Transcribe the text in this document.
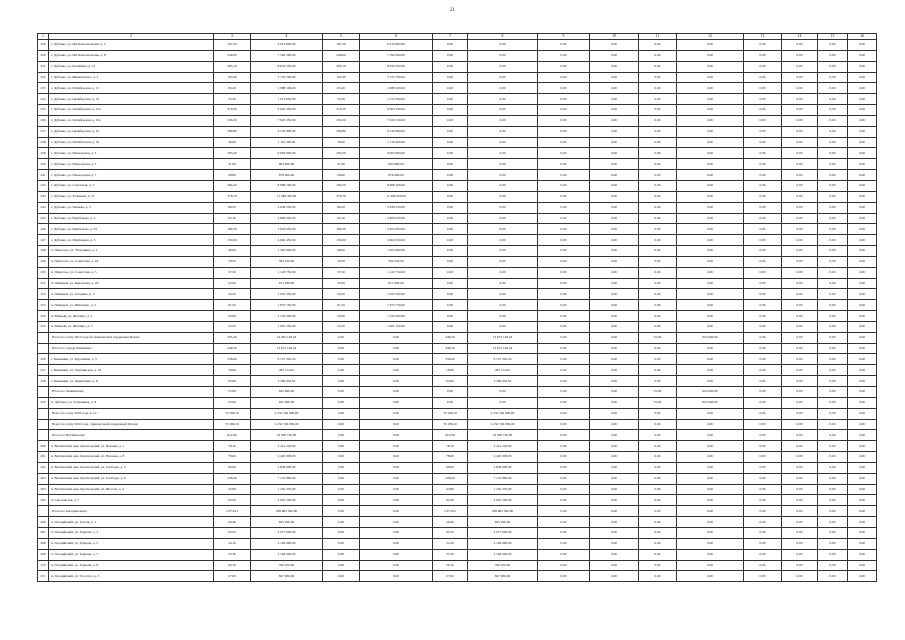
21
1	2	3	4	5	6	7	8	9	10	11	12	13	14	15	16
229	г. Дубовка, ул. Им Комсомольцев, д. 5	197,20	6 014 600,00	197,20	6 014 600,00	0,00	0,00	0,00	0,00	0,00	0,00	0,00	0,00	0,00	0,00
230	г. Дубовка, ул. Им Комсомольцев, д. 8	249,00	7 594 500,00	249,00	7 594 500,00	0,00	0,00	0,00	0,00	0,00	0,00	0,00	0,00	0,00	0,00
231	г. Дубовка, ул. Калинина, д. 15	283,10	8 634 550,00	283,10	8 634 550,00	0,00	0,00	0,00	0,00	0,00	0,00	0,00	0,00	0,00	0,00
232	г. Дубовка, ул. Минковского, д. 2	103,40	3 153 700,00	103,40	3 153 700,00	0,00	0,00	0,00	0,00	0,00	0,00	0,00	0,00	0,00	0,00
233	г. Дубовка, ул. Октябрьская, д. 11	65,20	1 988 100,00	65,20	1 988 100,00	0,00	0,00	0,00	0,00	0,00	0,00	0,00	0,00	0,00	0,00
234	г. Дубовка, ул. Октябрьская, д. 19	33,30	1 015 650,00	33,30	1 015 650,00	0,00	0,00	0,00	0,00	0,00	0,00	0,00	0,00	0,00	0,00
235	г. Дубовка, ул. Октябрьская, д. 21а	216,50	6 603 250,00	216,50	6 603 250,00	0,00	0,00	0,00	0,00	0,00	0,00	0,00	0,00	0,00	0,00
236	г. Дубовка, ул. Октябрьская, д. 23а	230,20	7 020 250,00	230,20	7 020 250,00	0,00	0,00	0,00	0,00	0,00	0,00	0,00	0,00	0,00	0,00
237	г. Дубовка, ул. Октябрьская, д. 25	299,80	9 143 900,00	299,80	9 143 900,00	0,00	0,00	0,00	0,00	0,00	0,00	0,00	0,00	0,00	0,00
238	г. Дубовка, ул. Октябрьская, д. 32	36,60	1 116 300,00	36,60	1 116 300,00	0,00	0,00	0,00	0,00	0,00	0,00	0,00	0,00	0,00	0,00
239	г. Дубовка, ул. Пионерская, д. 3	295,20	9 003 600,00	295,20	9 003 600,00	0,00	0,00	0,00	0,00	0,00	0,00	0,00	0,00	0,00	0,00
240	г. Дубовка, ул. Пионерская, д. 5	31,60	963 800,00	31,60	963 800,00	0,00	0,00	0,00	0,00	0,00	0,00	0,00	0,00	0,00	0,00
241	г. Дубовка, ул. Пионерская, д. 7	28,80	878 400,00	28,80	878 400,00	0,00	0,00	0,00	0,00	0,00	0,00	0,00	0,00	0,00	0,00
242	г. Дубовка, ул. Советская, д. 3	284,20	8 668 100,00	284,20	8 668 100,00	0,00	0,00	0,00	0,00	0,00	0,00	0,00	0,00	0,00	0,00
243	г. Дубовка, ул. Тельмана, д. 31	376,70	11 489 350,00	376,70	11 489 350,00	0,00	0,00	0,00	0,00	0,00	0,00	0,00	0,00	0,00	0,00
244	г. Дубовка, ул. Чапаева, д. 3	86,50	2 638 250,00	86,50	2 638 250,00	0,00	0,00	0,00	0,00	0,00	0,00	0,00	0,00	0,00	0,00
245	г. Дубовка, ул. Щорбакова, д. 2	92,10	2 809 050,00	92,10	2 809 050,00	0,00	0,00	0,00	0,00	0,00	0,00	0,00	0,00	0,00	0,00
246	г. Дубовка, ул. Щорбакова, д. 25	189,30	5 823 650,00	189,30	5 823 650,00	0,00	0,00	0,00	0,00	0,00	0,00	0,00	0,00	0,00	0,00
247	г. Дубовка, ул. Щорбакова, д. 3	150,90	4 602 450,00	150,90	4 602 450,00	0,00	0,00	0,00	0,00	0,00	0,00	0,00	0,00	0,00	0,00
248	п. Пирогово, ул. Ухоловина, д. 2	46,00	1 403 000,00	46,00	1 403 000,00	0,00	0,00	0,00	0,00	0,00	0,00	0,00	0,00	0,00	0,00
249	п. Пирогово, ул. Советская, д. 24	18,50	564 250,00	18,50	564 250,00	0,00	0,00	0,00	0,00	0,00	0,00	0,00	0,00	0,00	0,00
250	п. Пирогово, ул. Советская, д. 5	37,50	1 143 750,00	37,50	1 143 750,00	0,00	0,00	0,00	0,00	0,00	0,00	0,00	0,00	0,00	0,00
251	п. Пищевой, ул. Кировская, д. 26	22,00	671 000,00	22,00	671 000,00	0,00	0,00	0,00	0,00	0,00	0,00	0,00	0,00	0,00	0,00
252	п. Пищевой, ул. Гагарина, д. 3	34,50	1 052 250,00	34,50	1 052 250,00	0,00	0,00	0,00	0,00	0,00	0,00	0,00	0,00	0,00	0,00
253	п. Пищевой, ул. Шевченко, д. 2	61,50	1 875 750,00	61,50	1 875 750,00	0,00	0,00	0,00	0,00	0,00	0,00	0,00	0,00	0,00	0,00
254	п. Южный, ул. Шахтёра, д. 2	50,60	1 543 300,00	50,60	1 543 300,00	0,00	0,00	0,00	0,00	0,00	0,00	0,00	0,00	0,00	0,00
255	п. Южный, ул. Шахтёра, д. 3	52,50	1 601 250,00	52,50	1 601 250,00	0,00	0,00	0,00	0,00	0,00	0,00	0,00	0,00	0,00	0,00
	Итого по этапу 2015 года без финансовой поддержки Фонда:	505,30	14 295 149,24	0,00	0,00	449,20	13 673 149,24	0,00	0,00	55,90	622 000,00	0,00	0,00	0,00	0,00
	Итого по городу Камышин:	449,20	13 673 149,24	0,00	0,00	449,20	13 673 149,24	0,00	0,00	0,00	0,00	0,00	0,00	0,00	0,00
256	г. Камышин, ул. Бурочкина, д. 5	336,60	9 715 345,50	0,00	0,00	336,60	9 715 345,50	0,00	0,00	0,00	0,00	0,00	0,00	0,00	0,00
257	г. Камышин, ул. Заречинская, д. 18	18,90	497 112,95	0,00	0,00	18,90	497 112,95	0,00	0,00	0,00	0,00	0,00	0,00	0,00	0,00
258	г. Камышин, ул. Кирпичная, д. 8	93,60	3 260 652,91	0,00	0,00	93,60	3 260 652,91	0,00	0,00	0,00	0,00	0,00	0,00	0,00	0,00
	Итого по Ленинскому:	55,90	622 000,00	0,00	0,00	0,00	0,00	0,00	0,00	55,90	622 000,00	0,00	0,00	0,00	0,00
259	п. Дубовка, ул. Толкачёвка, д. 8	55,90	622 000,00	0,00	0,00	0,00	0,00	0,00	0,00	55,90	622 000,00	0,00	0,00	0,00	0,00
	Всего по этапу 2016 года, в т.ч.:	70 186,10	2 232 536 090,00	0,00	0,00	70 186,10	2 232 536 090,00	0,00	0,00	0,00	0,00	0,00	0,00	0,00	0,00
	Всего по этапу 2016 года с финансовой поддержкой Фонда:	70 186,10	2 232 536 090,00	0,00	0,00	70 186,10	2 232 536 090,00	0,00	0,00	0,00	0,00	0,00	0,00	0,00	0,00
	Итого по Ветлянскому:	612,90	19 599 730,00	0,00	0,00	612,90	19 599 730,00	0,00	0,00	0,00	0,00	0,00	0,00	0,00	0,00
260	п. Ветлянский, мкр. Краснодский, ул. Вахаева, д. 1	78,10	2 412 220,00	0,00	0,00	78,10	2 412 220,00	0,00	0,00	0,00	0,00	0,00	0,00	0,00	0,00
261	п. Ветлянский, мкр. Краснодский, ул. Вахаева, д. 8	78,60	2 425 900,00	0,00	0,00	78,60	2 425 900,00	0,00	0,00	0,00	0,00	0,00	0,00	0,00	0,00
262	п. Ветлянский, мкр. Краснодский, ул. Свободы, д. 5	90,60	2 839 000,00	0,00	0,00	90,60	2 839 000,00	0,00	0,00	0,00	0,00	0,00	0,00	0,00	0,00
263	п. Ветлянский, мкр. Краснодский, ул. Свободы, д. 8	228,40	7 147 900,00	0,00	0,00	228,40	7 147 900,00	0,00	0,00	0,00	0,00	0,00	0,00	0,00	0,00
264	п. Ветлянский, мкр. Краснодский, ул. Шестая, д. 4	45,80	1 432 370,00	0,00	0,00	45,80	1 432 370,00	0,00	0,00	0,00	0,00	0,00	0,00	0,00	0,00
265	п. Светлоястья, д. 7	92,20	2 997 200,00	0,00	0,00	92,20	2 997 200,00	0,00	0,00	0,00	0,00	0,00	0,00	0,00	0,00
	Итого по Бородинскому:	2 973,61	269 865 360,00	0,00	0,00	2 973,61	269 865 360,00	0,00	0,00	0,00	0,00	0,00	0,00	0,00	0,00
266	п. Гвоздийский, ул. Гоголя, д. 1	26,40	825 200,00	0,00	0,00	26,40	825 200,00	0,00	0,00	0,00	0,00	0,00	0,00	0,00	0,00
267	п. Гвоздийский, ул. Герцена, д. 3	92,50	2 977 000,00	0,00	0,00	92,50	2 977 000,00	0,00	0,00	0,00	0,00	0,00	0,00	0,00	0,00
268	п. Гвоздийский, ул. Герцена, д. 5	34,10	2 104 000,00	0,00	0,00	34,10	2 104 000,00	0,00	0,00	0,00	0,00	0,00	0,00	0,00	0,00
269	п. Гвоздийский, ул. Герцена, д. 7	33,30	2 104 000,00	0,00	0,00	33,30	2 104 000,00	0,00	0,00	0,00	0,00	0,00	0,00	0,00	0,00
270	п. Гвоздийский, ул. Герцена, д. 8	26,10	796 050,00	0,00	0,00	26,10	796 050,00	0,00	0,00	0,00	0,00	0,00	0,00	0,00	0,00
271	п. Гвоздийский, ул. Толстого, д. 3	27,00	847 900,00	0,00	0,00	27,00	847 900,00	0,00	0,00	0,00	0,00	0,00	0,00	0,00	0,00
